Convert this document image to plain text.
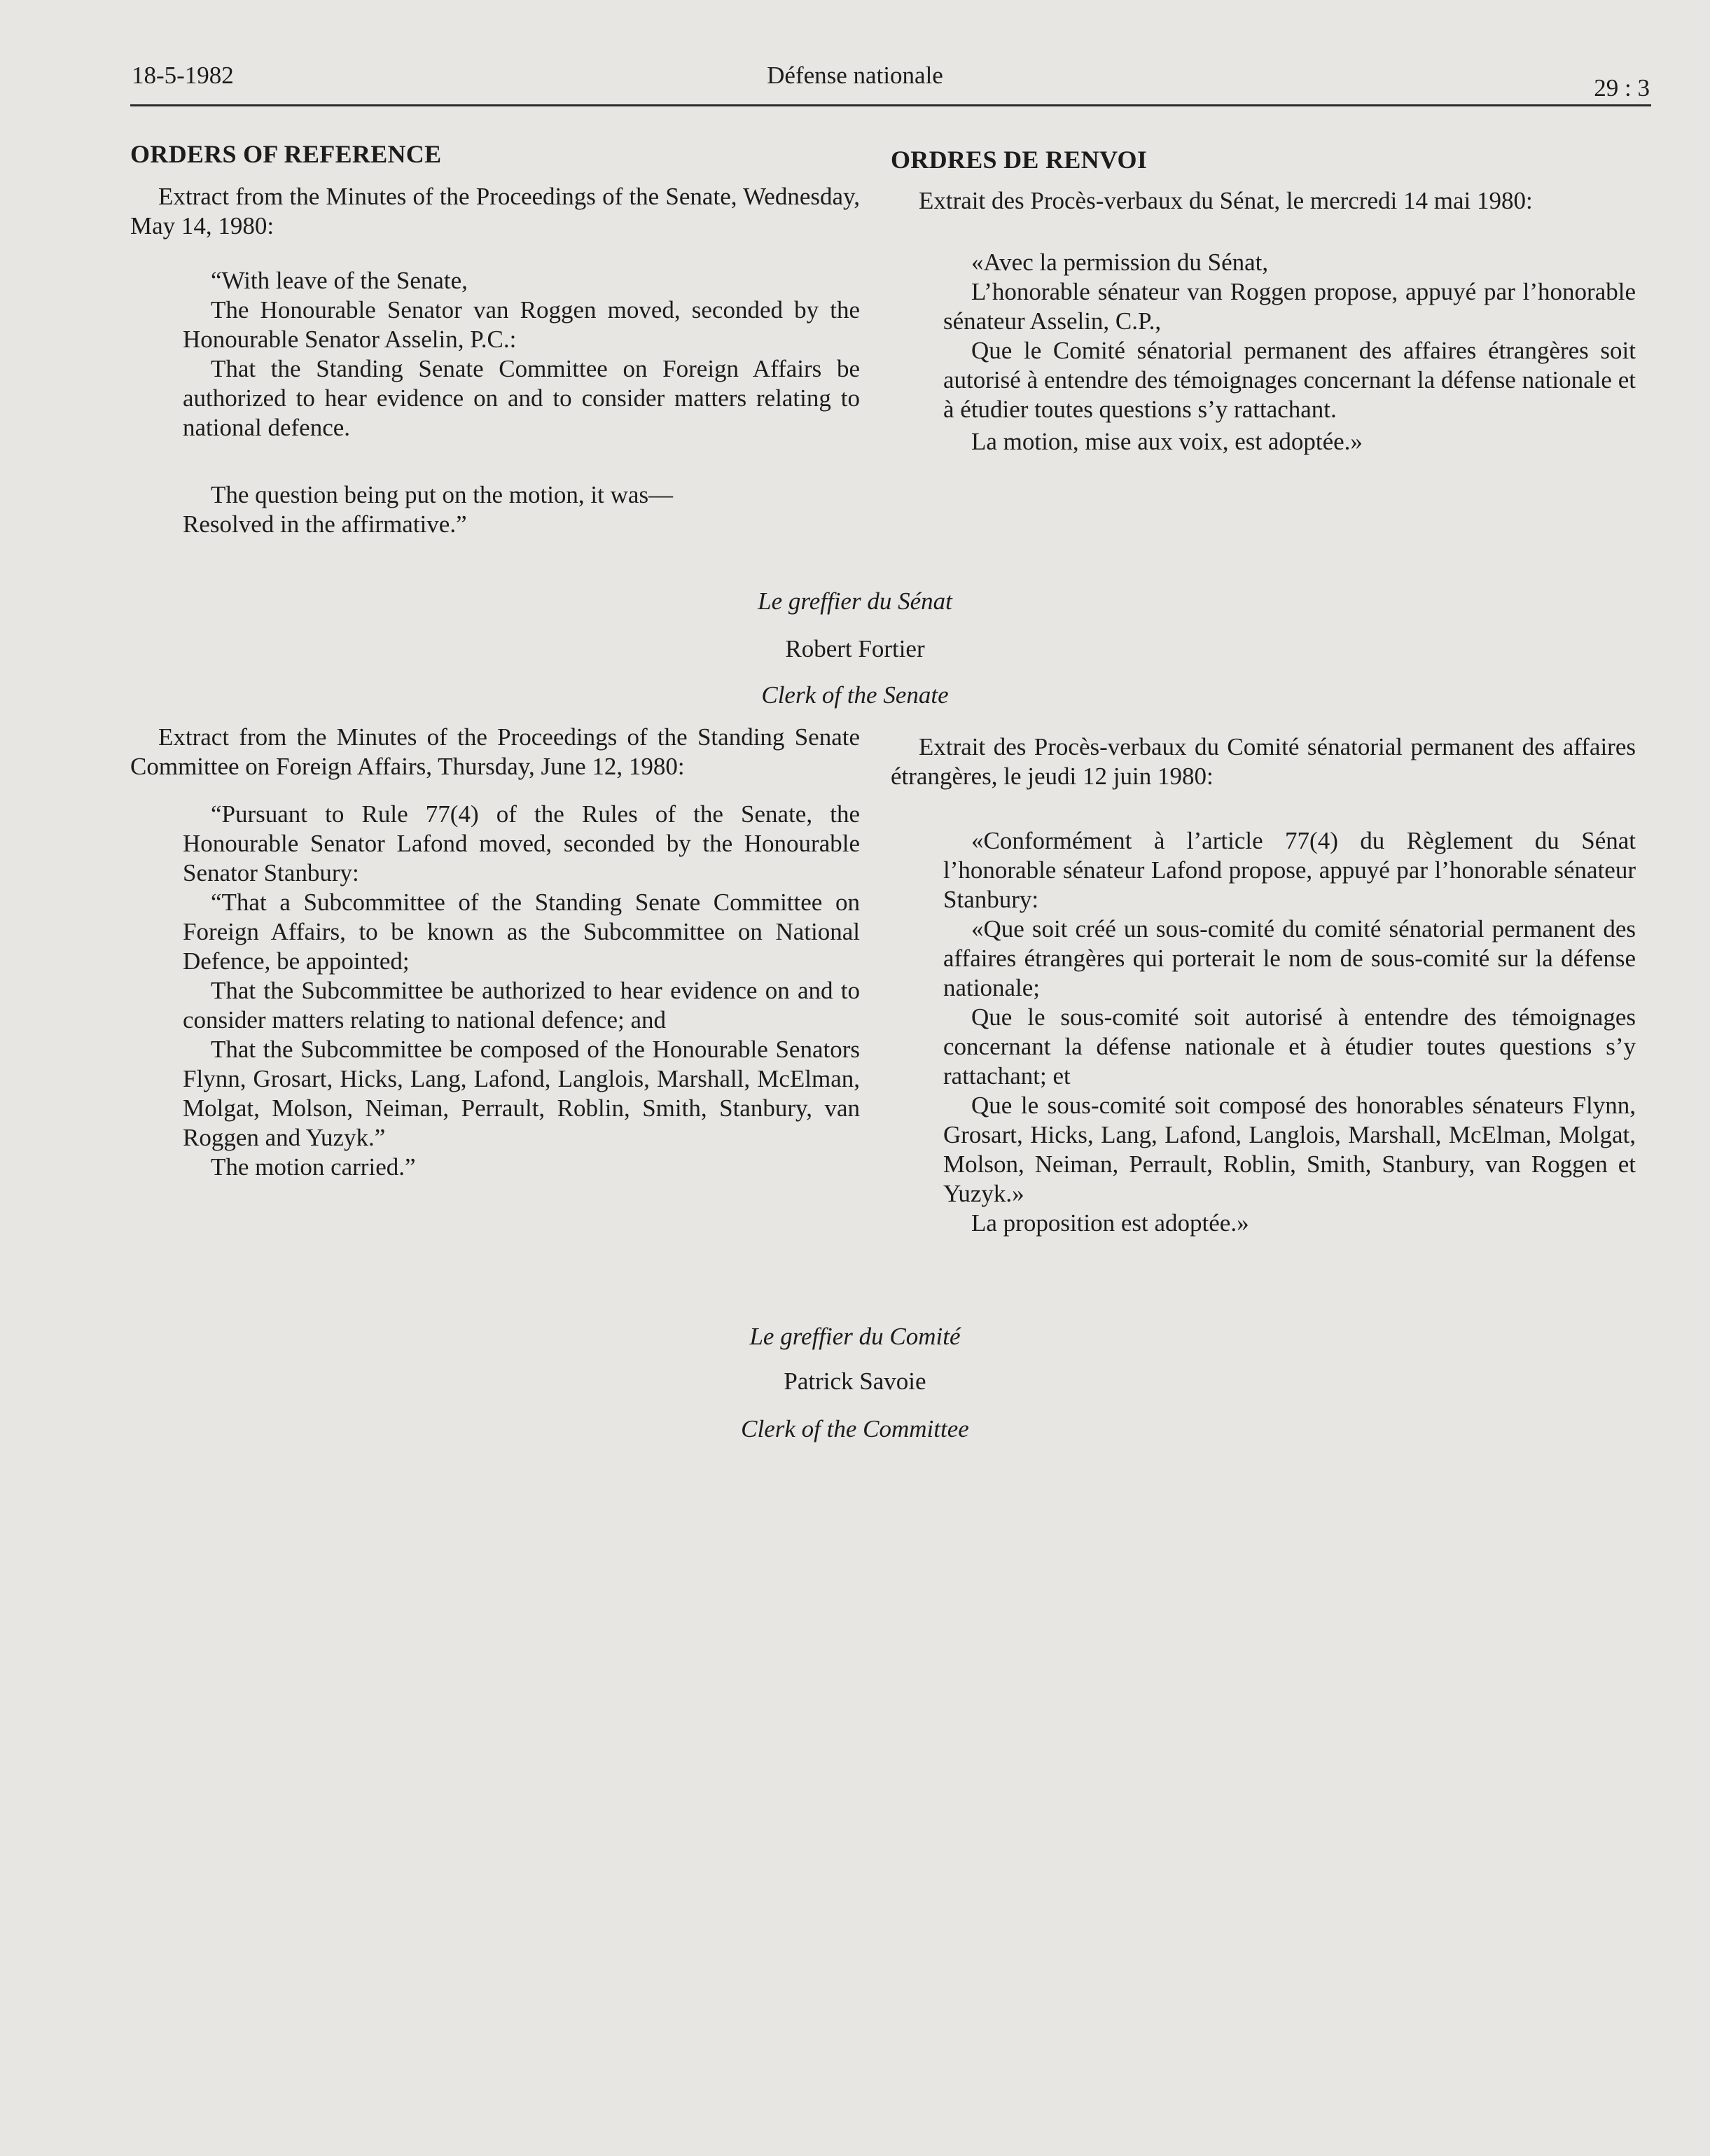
18-5-1982	Défense nationale	29 : 3
ORDERS OF REFERENCE

Extract from the Minutes of the Proceedings of the Senate, Wednesday, May 14, 1980:

“With leave of the Senate,

The Honourable Senator van Roggen moved, seconded by the Honourable Senator Asselin, P.C.:

That the Standing Senate Committee on Foreign Affairs be authorized to hear evidence on and to consider matters relating to national defence.

The question being put on the motion, it was—

Resolved in the affirmative.”

ORDRES DE RENVOI

Extrait des Procès-verbaux du Sénat, le mercredi 14 mai 1980:

«Avec la permission du Sénat,

L’honorable sénateur van Roggen propose, appuyé par l’honorable sénateur Asselin, C.P.,

Que le Comité sénatorial permanent des affaires étrangères soit autorisé à entendre des témoignages concernant la défense nationale et à étudier toutes questions s’y rattachant.

La motion, mise aux voix, est adoptée.»

Le greffier du Sénat
Robert Fortier
Clerk of the Senate

Extract from the Minutes of the Proceedings of the Standing Senate Committee on Foreign Affairs, Thursday, June 12, 1980:

“Pursuant to Rule 77(4) of the Rules of the Senate, the Honourable Senator Lafond moved, seconded by the Honourable Senator Stanbury:

“That a Subcommittee of the Standing Senate Committee on Foreign Affairs, to be known as the Subcommittee on National Defence, be appointed;

That the Subcommittee be authorized to hear evidence on and to consider matters relating to national defence; and

That the Subcommittee be composed of the Honourable Senators Flynn, Grosart, Hicks, Lang, Lafond, Langlois, Marshall, McElman, Molgat, Molson, Neiman, Perrault, Roblin, Smith, Stanbury, van Roggen and Yuzyk.”

The motion carried.”

Extrait des Procès-verbaux du Comité sénatorial permanent des affaires étrangères, le jeudi 12 juin 1980:

«Conformément à l’article 77(4) du Règlement du Sénat l’honorable sénateur Lafond propose, appuyé par l’honorable sénateur Stanbury:

«Que soit créé un sous-comité du comité sénatorial permanent des affaires étrangères qui porterait le nom de sous-comité sur la défense nationale;

Que le sous-comité soit autorisé à entendre des témoignages concernant la défense nationale et à étudier toutes questions s’y rattachant; et

Que le sous-comité soit composé des honorables sénateurs Flynn, Grosart, Hicks, Lang, Lafond, Langlois, Marshall, McElman, Molgat, Molson, Neiman, Perrault, Roblin, Smith, Stanbury, van Roggen et Yuzyk.»

La proposition est adoptée.»

Le greffier du Comité
Patrick Savoie
Clerk of the Committee
